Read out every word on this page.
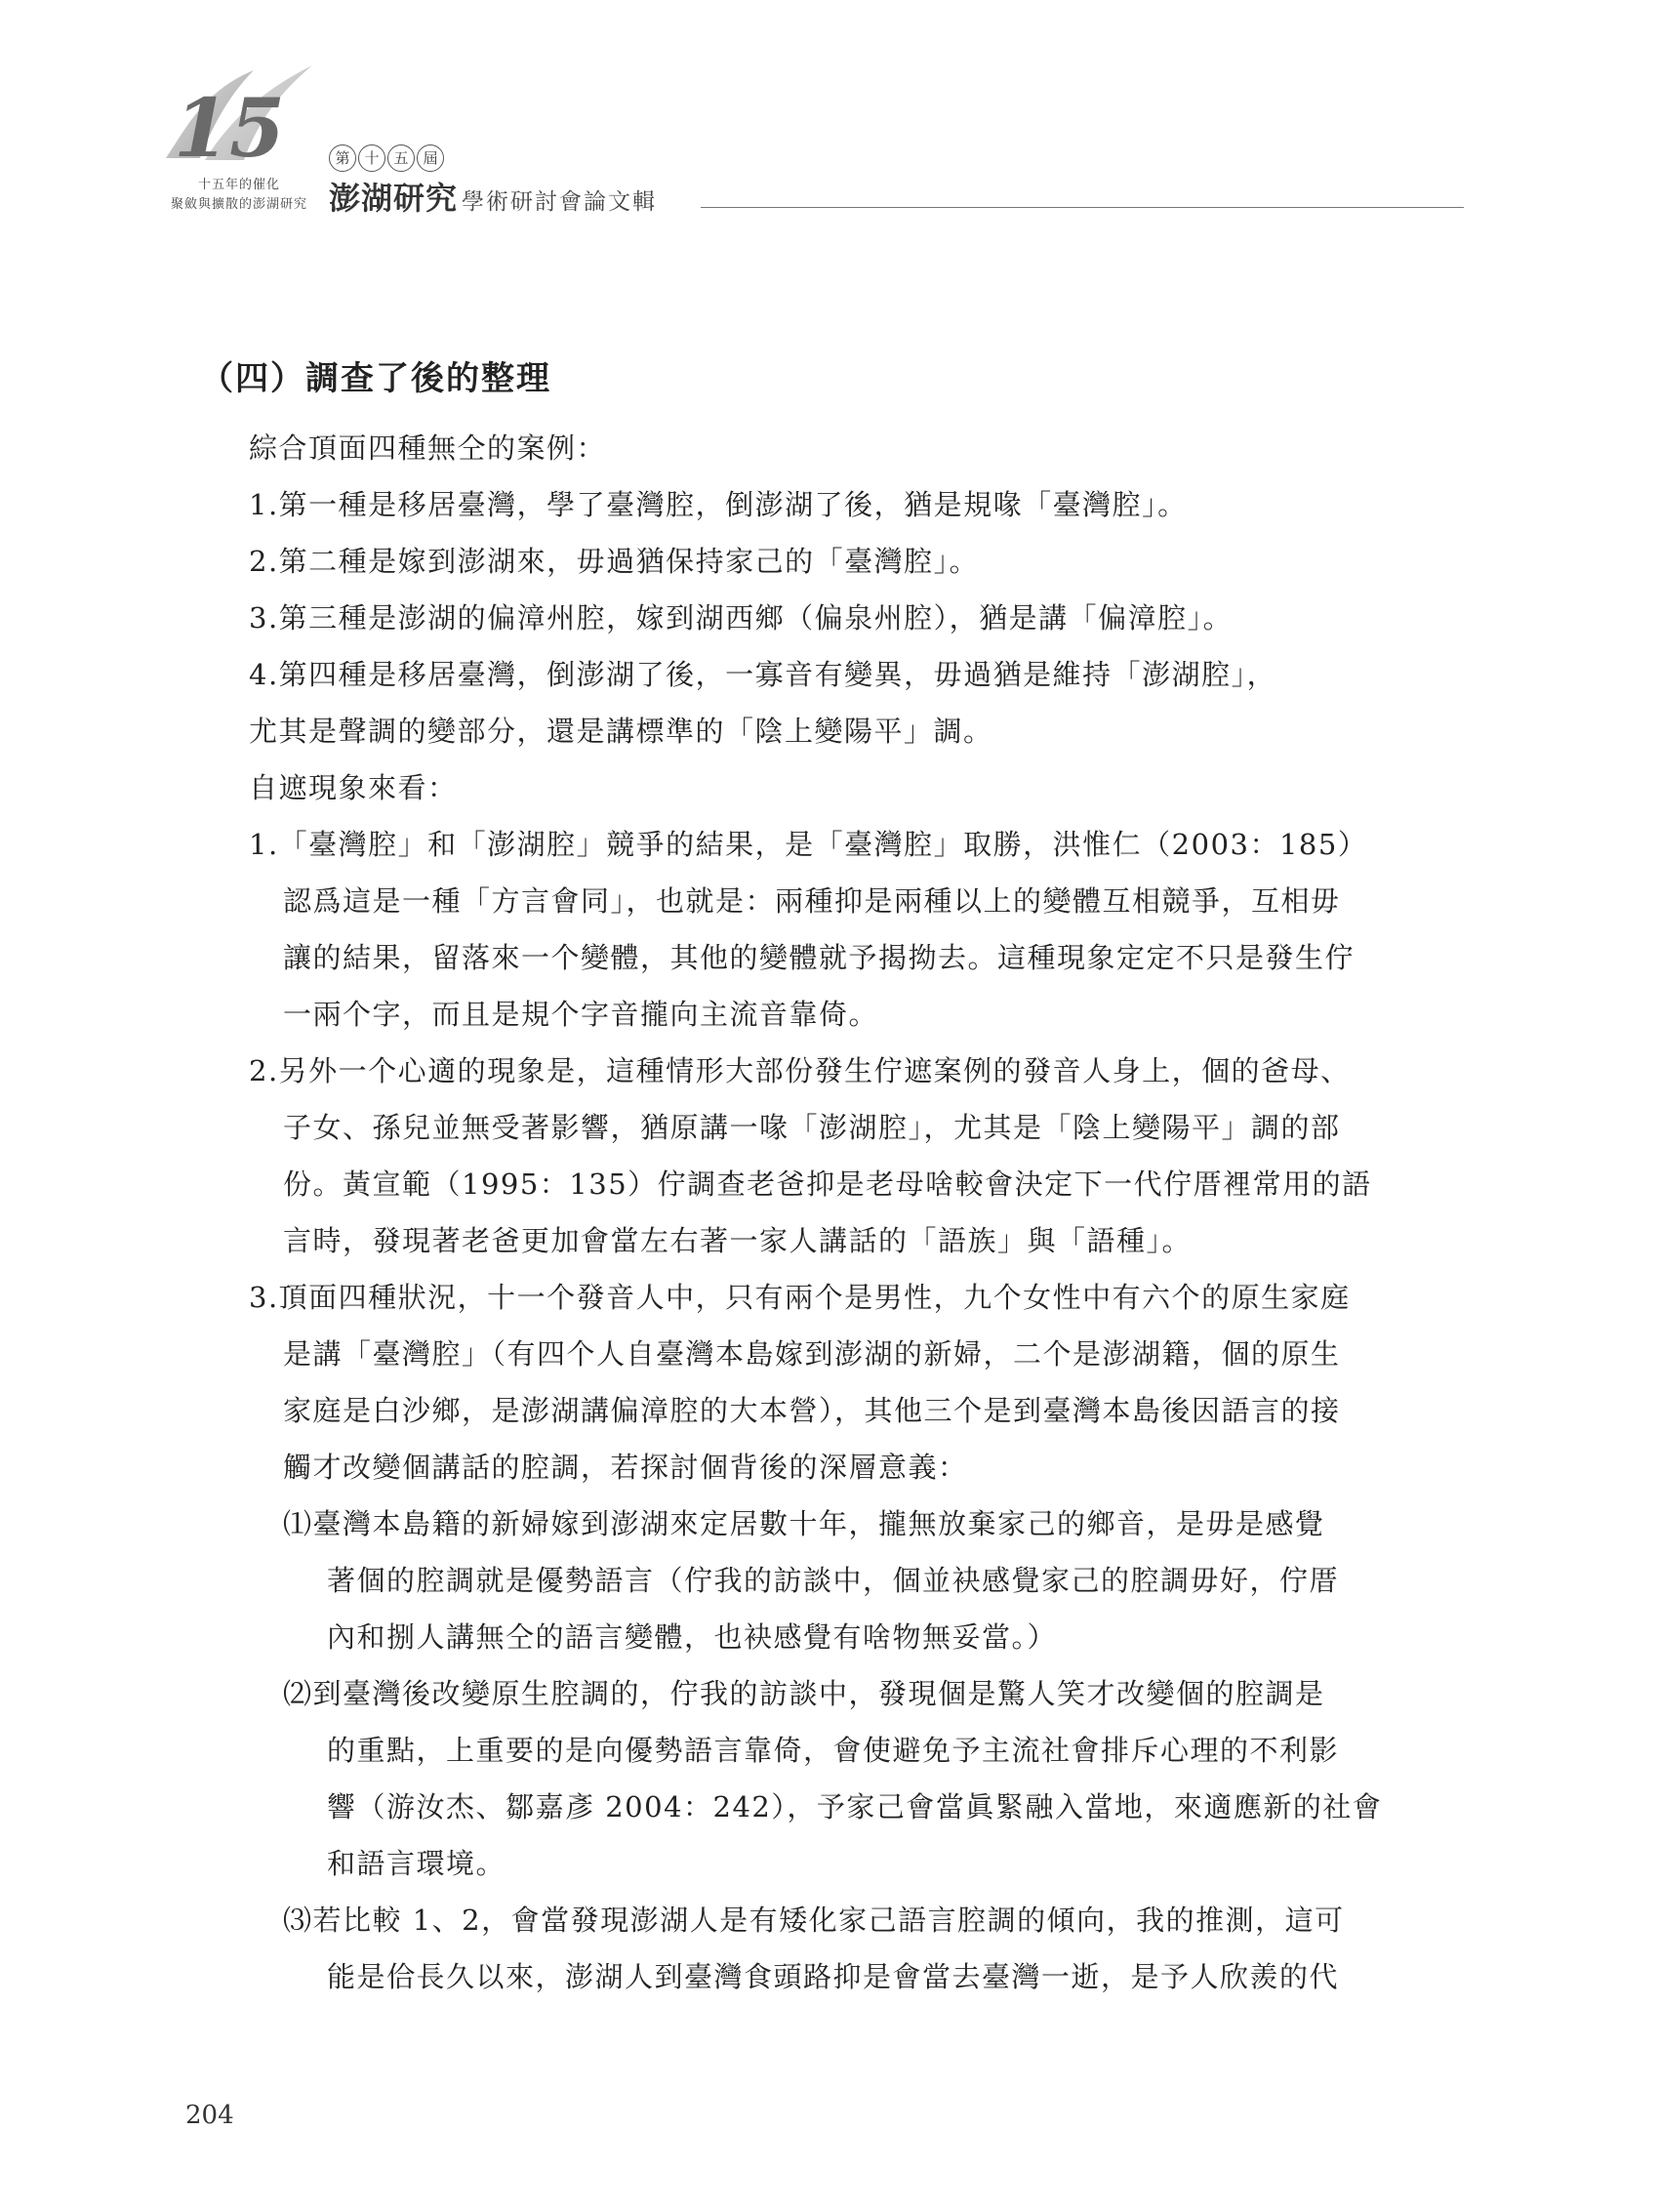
15
十五年的催化
聚斂與擴散的澎湖研究
第 十 五 屆
澎湖研究 學術研討會論文輯
（四）調查了後的整理
綜合頂面四種無仝的案例：
1.第一種是移居臺灣，學了臺灣腔，倒澎湖了後，猶是規喙「臺灣腔」。
2.第二種是嫁到澎湖來，毋過猶保持家己的「臺灣腔」。
3.第三種是澎湖的偏漳州腔，嫁到湖西鄉（偏泉州腔），猶是講「偏漳腔」。
4.第四種是移居臺灣，倒澎湖了後，一寡音有變異，毋過猶是維持「澎湖腔」，
尤其是聲調的變部分，還是講標準的「陰上變陽平」調。
自遮現象來看：
1.「臺灣腔」和「澎湖腔」競爭的結果，是「臺灣腔」取勝，洪惟仁（2003：185）
認爲這是一種「方言會同」，也就是：兩種抑是兩種以上的變體互相競爭，互相毋
讓的結果，留落來一个變體，其他的變體就予揭拗去。這種現象定定不只是發生佇
一兩个字，而且是規个字音攏向主流音靠倚。
2.另外一个心適的現象是，這種情形大部份發生佇遮案例的發音人身上，個的爸母、
子女、孫兒並無受著影響，猶原講一喙「澎湖腔」，尤其是「陰上變陽平」調的部
份。黃宣範（1995：135）佇調查老爸抑是老母啥較會決定下一代佇厝裡常用的語
言時，發現著老爸更加會當左右著一家人講話的「語族」與「語種」。
3.頂面四種狀況，十一个發音人中，只有兩个是男性，九个女性中有六个的原生家庭
是講「臺灣腔」（有四个人自臺灣本島嫁到澎湖的新婦，二个是澎湖籍，個的原生
家庭是白沙鄉，是澎湖講偏漳腔的大本營），其他三个是到臺灣本島後因語言的接
觸才改變個講話的腔調，若探討個背後的深層意義：
⑴臺灣本島籍的新婦嫁到澎湖來定居數十年，攏無放棄家己的鄉音，是毋是感覺
著個的腔調就是優勢語言（佇我的訪談中，個並袂感覺家己的腔調毋好，佇厝
內和捌人講無仝的語言變體，也袂感覺有啥物無妥當。）
⑵到臺灣後改變原生腔調的，佇我的訪談中，發現個是驚人笑才改變個的腔調是
的重點，上重要的是向優勢語言靠倚，會使避免予主流社會排斥心理的不利影
響（游汝杰、鄒嘉彥 2004：242），予家己會當眞緊融入當地，來適應新的社會
和語言環境。
⑶若比較 1、2，會當發現澎湖人是有矮化家己語言腔調的傾向，我的推測，這可
能是佮長久以來，澎湖人到臺灣食頭路抑是會當去臺灣一逝，是予人欣羨的代
204
